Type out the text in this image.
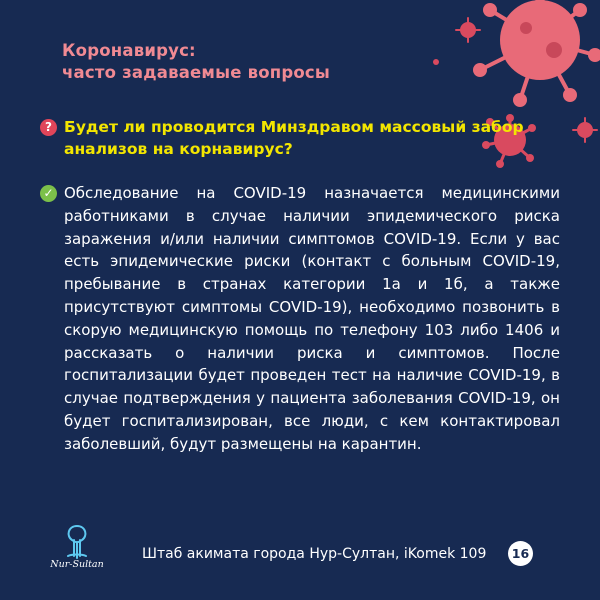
Коронавирус:
часто задаваемые вопросы
? Будет ли проводится Минздравом массовый забор анализов на корнавирус?
✓ Обследование на COVID-19 назначается медицинскими работниками в случае наличии эпидемического риска заражения и/или наличии симптомов COVID-19. Если у вас есть эпидемические риски (контакт с больным COVID-19, пребывание в странах категории 1а и 1б, а также присутствуют симптомы COVID-19), необходимо позвонить в скорую медицинскую помощь по телефону 103 либо 1406 и рассказать о наличии риска и симптомов. После госпитализации будет проведен тест на наличие COVID-19, в случае подтверждения у пациента заболевания COVID-19, он будет госпитализирован, все люди, с кем контактировал заболевший, будут размещены на карантин.
Nur-Sultan
Штаб акимата города Нур-Султан, iKomek 109	16
